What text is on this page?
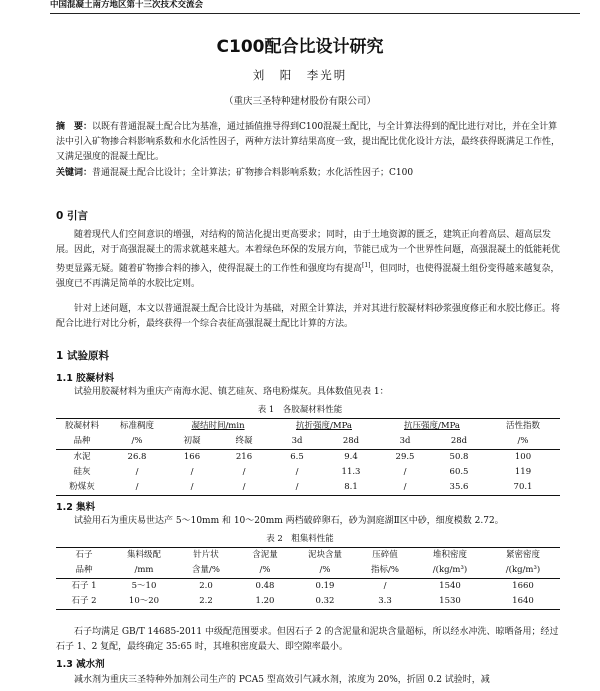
中国混凝土南方地区第十三次技术交流会
C100配合比设计研究
刘　阳　李光明
（重庆三圣特种建材股份有限公司）
摘　要：以既有普通混凝土配合比为基准，通过插值推导得到C100混凝土配比，与全计算法得到的配比进行对比，并在全计算法中引入矿物掺合料影响系数和水化活性因子，两种方法计算结果高度一致，提出配比优化设计方法，最终获得既满足工作性，又满足强度的混凝土配比。
关键词：普通混凝土配合比设计；全计算法；矿物掺合料影响系数；水化活性因子；C100
0 引言
随着现代人们空间意识的增强，对结构的简洁化提出更高要求；同时，由于土地资源的匮乏，建筑正向着高层、超高层发展。因此，对于高强混凝土的需求就越来越大。本着绿色环保的发展方向，节能已成为一个世界性问题，高强混凝土的低能耗优势更显露无疑。随着矿物掺合料的掺入，使得混凝土的工作性和强度均有提高[1]，但同时，也使得混凝土组份变得越来越复杂，强度已不再满足简单的水胶比定则。
针对上述问题，本文以普通混凝土配合比设计为基础，对照全计算法，并对其进行胶凝材料砂浆强度修正和水胶比修正。将配合比进行对比分析，最终获得一个综合表征高强混凝土配比计算的方法。
1 试验原料
1.1 胶凝材料
试验用胶凝材料为重庆产南海水泥、镇艺硅灰、珞电粉煤灰。具体数值见表 1：
表 1　各胶凝材料性能
胶凝材料	标准稠度	凝结时间/min		抗折强度/MPa		抗压强度/MPa		活性指数
品种	/%	初凝	终凝	3d	28d	3d	28d	/%
水泥	26.8	166	216	6.5	9.4	29.5	50.8	100
硅灰	/	/	/	/	11.3	/	60.5	119
粉煤灰	/	/	/	/	8.1	/	35.6	70.1
1.2 集料
试验用石为重庆易世达产 5～10mm 和 10～20mm 两档破碎卵石，砂为洞庭湖Ⅱ区中砂，细度模数 2.72。
表 2　粗集料性能
石子	集料级配	针片状	含泥量	泥块含量	压碎值	堆积密度	紧密密度
品种	/mm	含量/%	/%	/%	指标/%	/(kg/m³)	/(kg/m³)
石子 1	5～10	2.0	0.48	0.19	/	1540	1660
石子 2	10～20	2.2	1.20	0.32	3.3	1530	1640
石子均满足 GB/T 14685-2011 中级配范围要求。但因石子 2 的含泥量和泥块含量超标，所以经水冲洗、晾晒备用；经过石子 1、2 复配，最终确定 35:65 时，其堆积密度最大、即空隙率最小。
1.3 减水剂
减水剂为重庆三圣特种外加剂公司生产的 PCA5 型高效引气减水剂，浓度为 20%，折固 0.2 试验时，减
